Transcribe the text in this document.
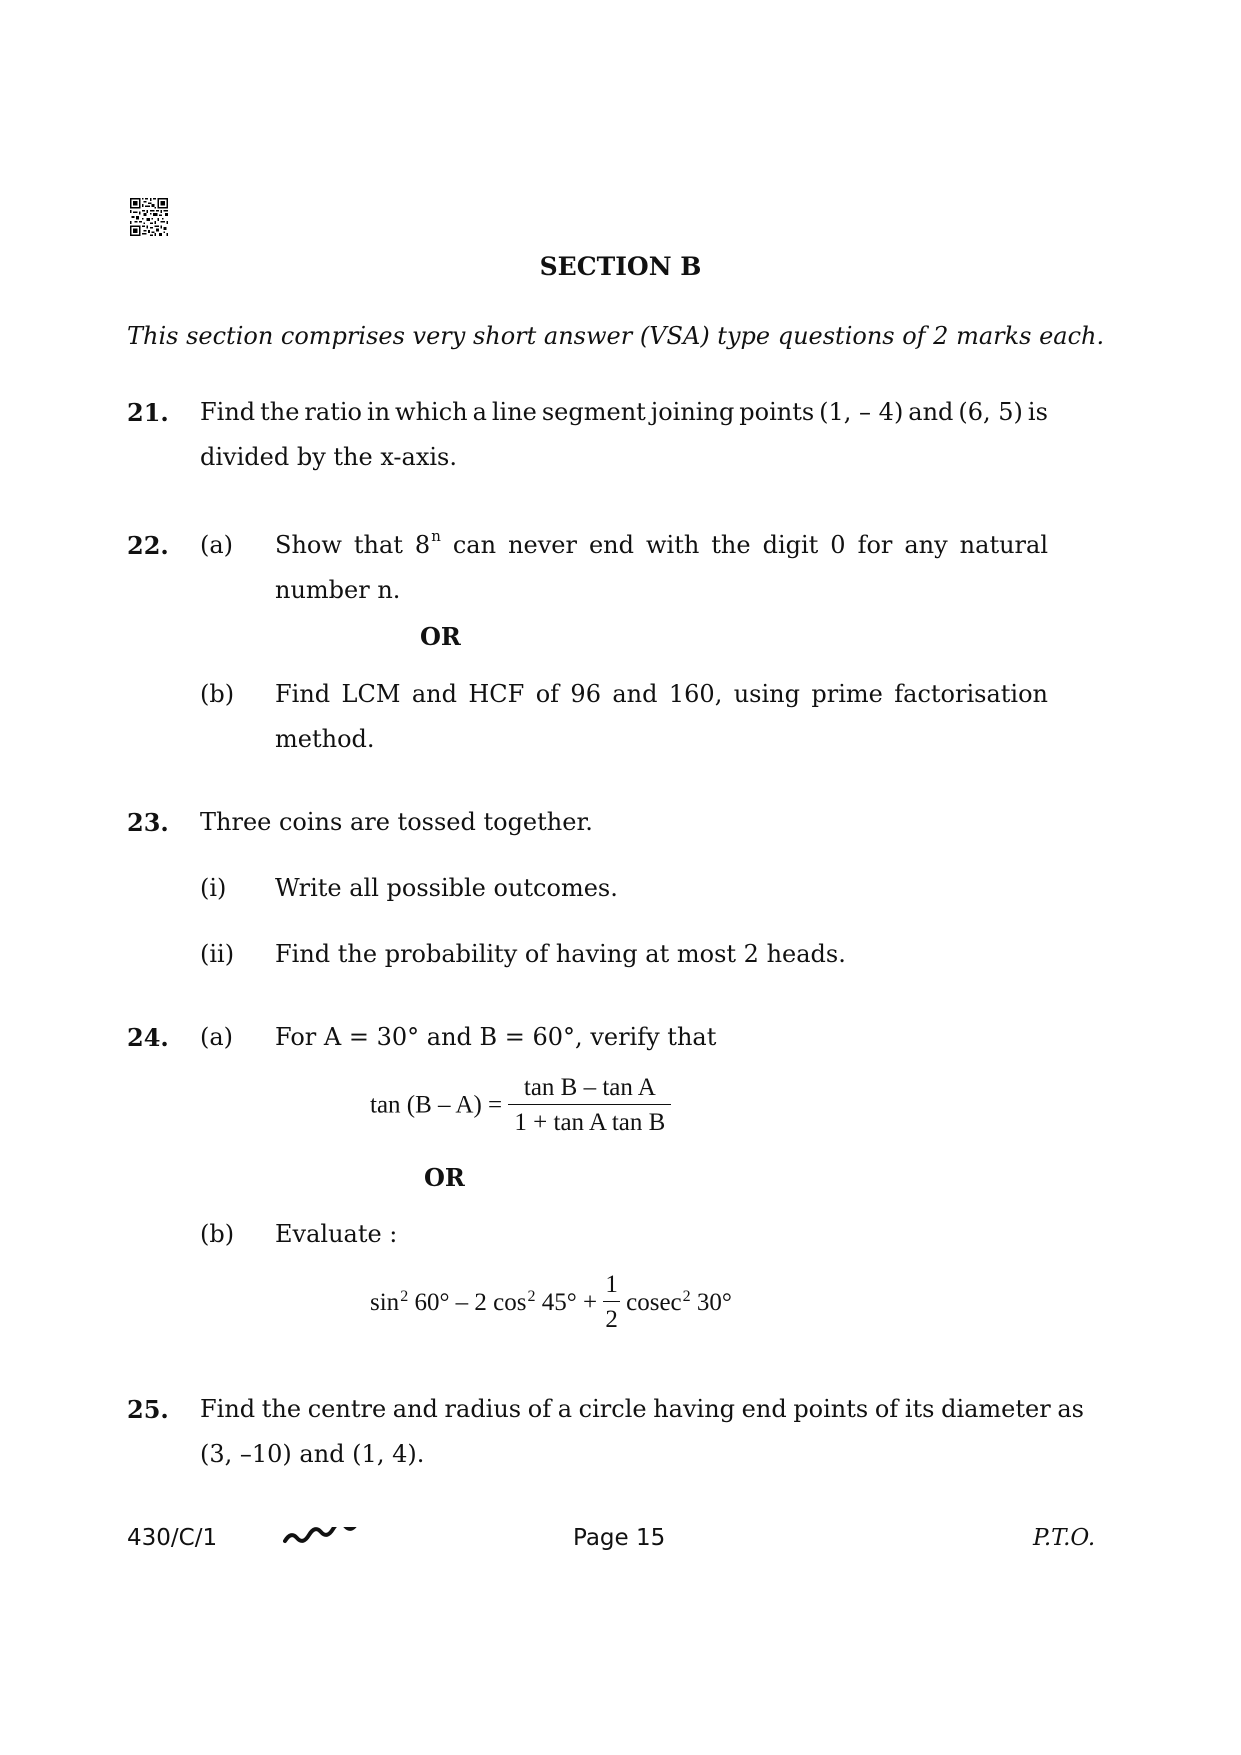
SECTION B
This section comprises very short answer (VSA) type questions of 2 marks each.
21. Find the ratio in which a line segment joining points (1, – 4) and (6, 5) is
divided by the x-axis.
22. (a) Show that 8$^n$ can never end with the digit 0 for any natural
number n.
OR
(b) Find LCM and HCF of 96 and 160, using prime factorisation
method.
23. Three coins are tossed together.
(i) Write all possible outcomes.
(ii) Find the probability of having at most 2 heads.
24. (a) For A = 30° and B = 60°, verify that
$\tan (B - A) = \frac{\text{tan B – tan A}}{\text{1 + tan A tan B}}$
OR
(b) Evaluate :
$\sin^2 60^\circ - 2$ $\cos^2 45^\circ + \frac{1}{2} cosec^2$ 30°
25. Find the centre and radius of a circle having end points of its diameter as
(3, –10) and (1, 4).
430/C/1	Page 15	P.T.O.
